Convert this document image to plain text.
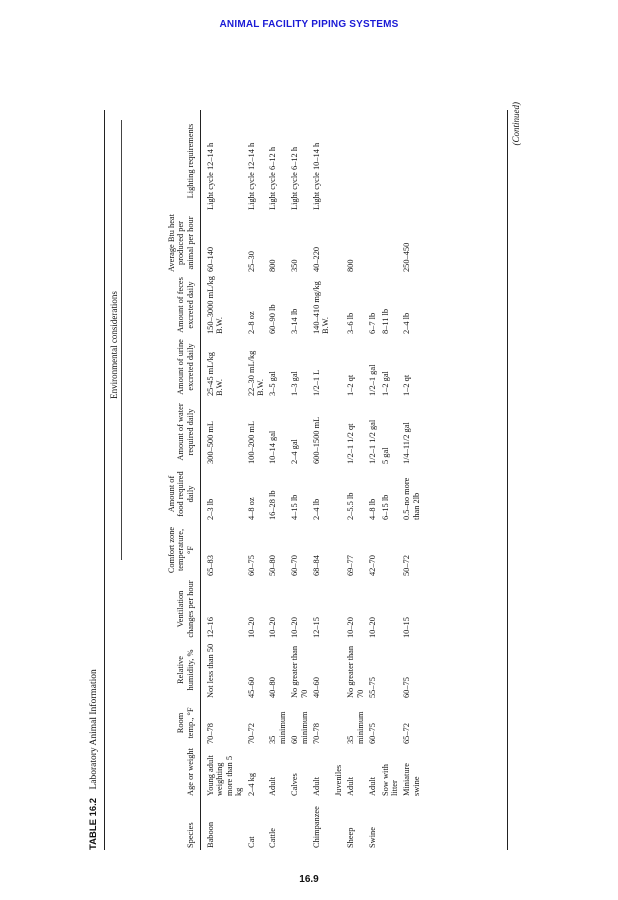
ANIMAL FACILITY PIPING SYSTEMS
TABLE 16.2 Laboratory Animal Information
Environmental considerations
Species	Age or weight	Room temp., °F	Relative humidity, %	Ventilation changes per hour	Comfort zone temperature, °F	Amount of food required daily	Amount of water required daily	Amount of urine excreted daily	Amount of feces excreted daily	Average Btu heat produced per animal per hour	Lighting requirements

Baboon	Young adult weighting more than 5 kg	70–78	Not less than 50	12–16	65–83	2–3 lb	300–500 mL	25-45 mL/kg B.W.	150–3000 mL/kg B.W.	60–140	Light cycle 12–14 h
Cat	2–4 kg	70–72	45–60	10–20	60–75	4–8 oz	100–200 mL	22–30 mL/kg B.W.	2–8 oz	25–30	Light cycle 12–14 h
Cattle	Adult	35 minimum	40–80	10–20	50–80	16–28 lb	10–14 gal	3–5 gal	60–90 lb	800	Light cycle 6–12 h
	Calves	60 minimum	No greater than 70	10–20	60–70	4–15 lb	2–4 gal	1–3 gal	3–14 lb	350	Light cycle 6–12 h
Chimpanzee	Adult	70–78	40–60	12–15	68–84	2–4 lb	600–1500 mL	1/2–1 L	140–410 mg/kg B.W.	40–220	Light cycle 10–14 h
	Juveniles										
Sheep	Adult	35 minimum	No greater than 70	10–20	69–77	2–5.5 lb	1/2–1 1/2 qt	1–2 qt	3–6 lb	800	
Swine	Adult	60–75	55–75	10–20	42–70	4–8 lb	1/2–1 1/2 gal	1/2–1 gal	6–7 lb		
	Sow with litter					6–15 lb	5 gal	1–2 gal	8–11 lb		
	Miniature swine	65–72	60–75	10–15	50–72	0.5–no more than 2lb	1/4–11/2 gal	1–2 qt	2–4 lb	250–450	
(Continued)
16.9
